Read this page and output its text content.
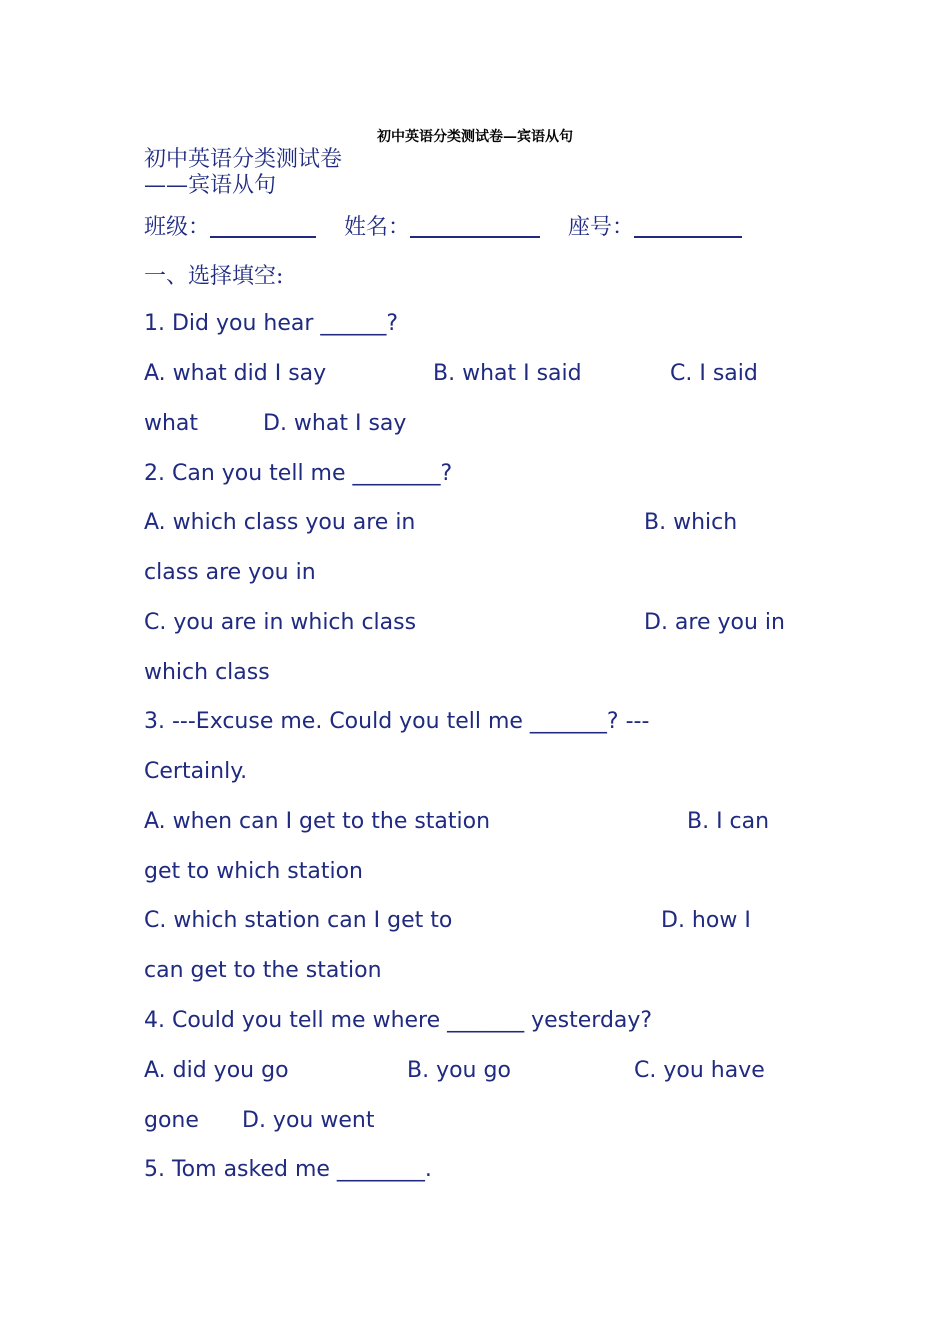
初中英语分类测试卷—宾语从句
初中英语分类测试卷
——宾语从句
班级：	姓名：	座号：
一、选择填空:
1. Did you hear ______?
A. what did I say	B. what I said	C. I said
what	D. what I say
2. Can you tell me ________?
A. which class you are in	B. which
class are you in
C. you are in which class	D. are you in
which class
3. ---Excuse me. Could you tell me _______? ---
Certainly.
A. when can I get to the station	B. I can
get to which station
C. which station can I get to	D. how I
can get to the station
4. Could you tell me where _______ yesterday?
A. did you go	B. you go	C. you have
gone D. you went
5. Tom asked me ________.
